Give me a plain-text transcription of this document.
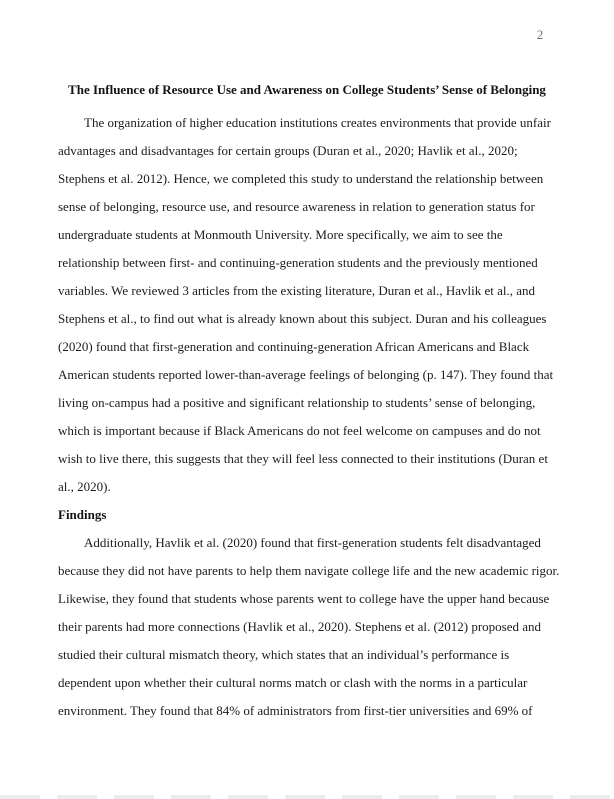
2
The Influence of Resource Use and Awareness on College Students’ Sense of Belonging
The organization of higher education institutions creates environments that provide unfair
advantages and disadvantages for certain groups (Duran et al., 2020; Havlik et al., 2020;
Stephens et al. 2012). Hence, we completed this study to understand the relationship between
sense of belonging, resource use, and resource awareness in relation to generation status for
undergraduate students at Monmouth University. More specifically, we aim to see the
relationship between first- and continuing-generation students and the previously mentioned
variables. We reviewed 3 articles from the existing literature, Duran et al., Havlik et al., and
Stephens et al., to find out what is already known about this subject. Duran and his colleagues
(2020) found that first-generation and continuing-generation African Americans and Black
American students reported lower-than-average feelings of belonging (p. 147). They found that
living on-campus had a positive and significant relationship to students’ sense of belonging,
which is important because if Black Americans do not feel welcome on campuses and do not
wish to live there, this suggests that they will feel less connected to their institutions (Duran et
al., 2020).
Findings
Additionally, Havlik et al. (2020) found that first-generation students felt disadvantaged
because they did not have parents to help them navigate college life and the new academic rigor.
Likewise, they found that students whose parents went to college have the upper hand because
their parents had more connections (Havlik et al., 2020). Stephens et al. (2012) proposed and
studied their cultural mismatch theory, which states that an individual’s performance is
dependent upon whether their cultural norms match or clash with the norms in a particular
environment. They found that 84% of administrators from first-tier universities and 69% of
